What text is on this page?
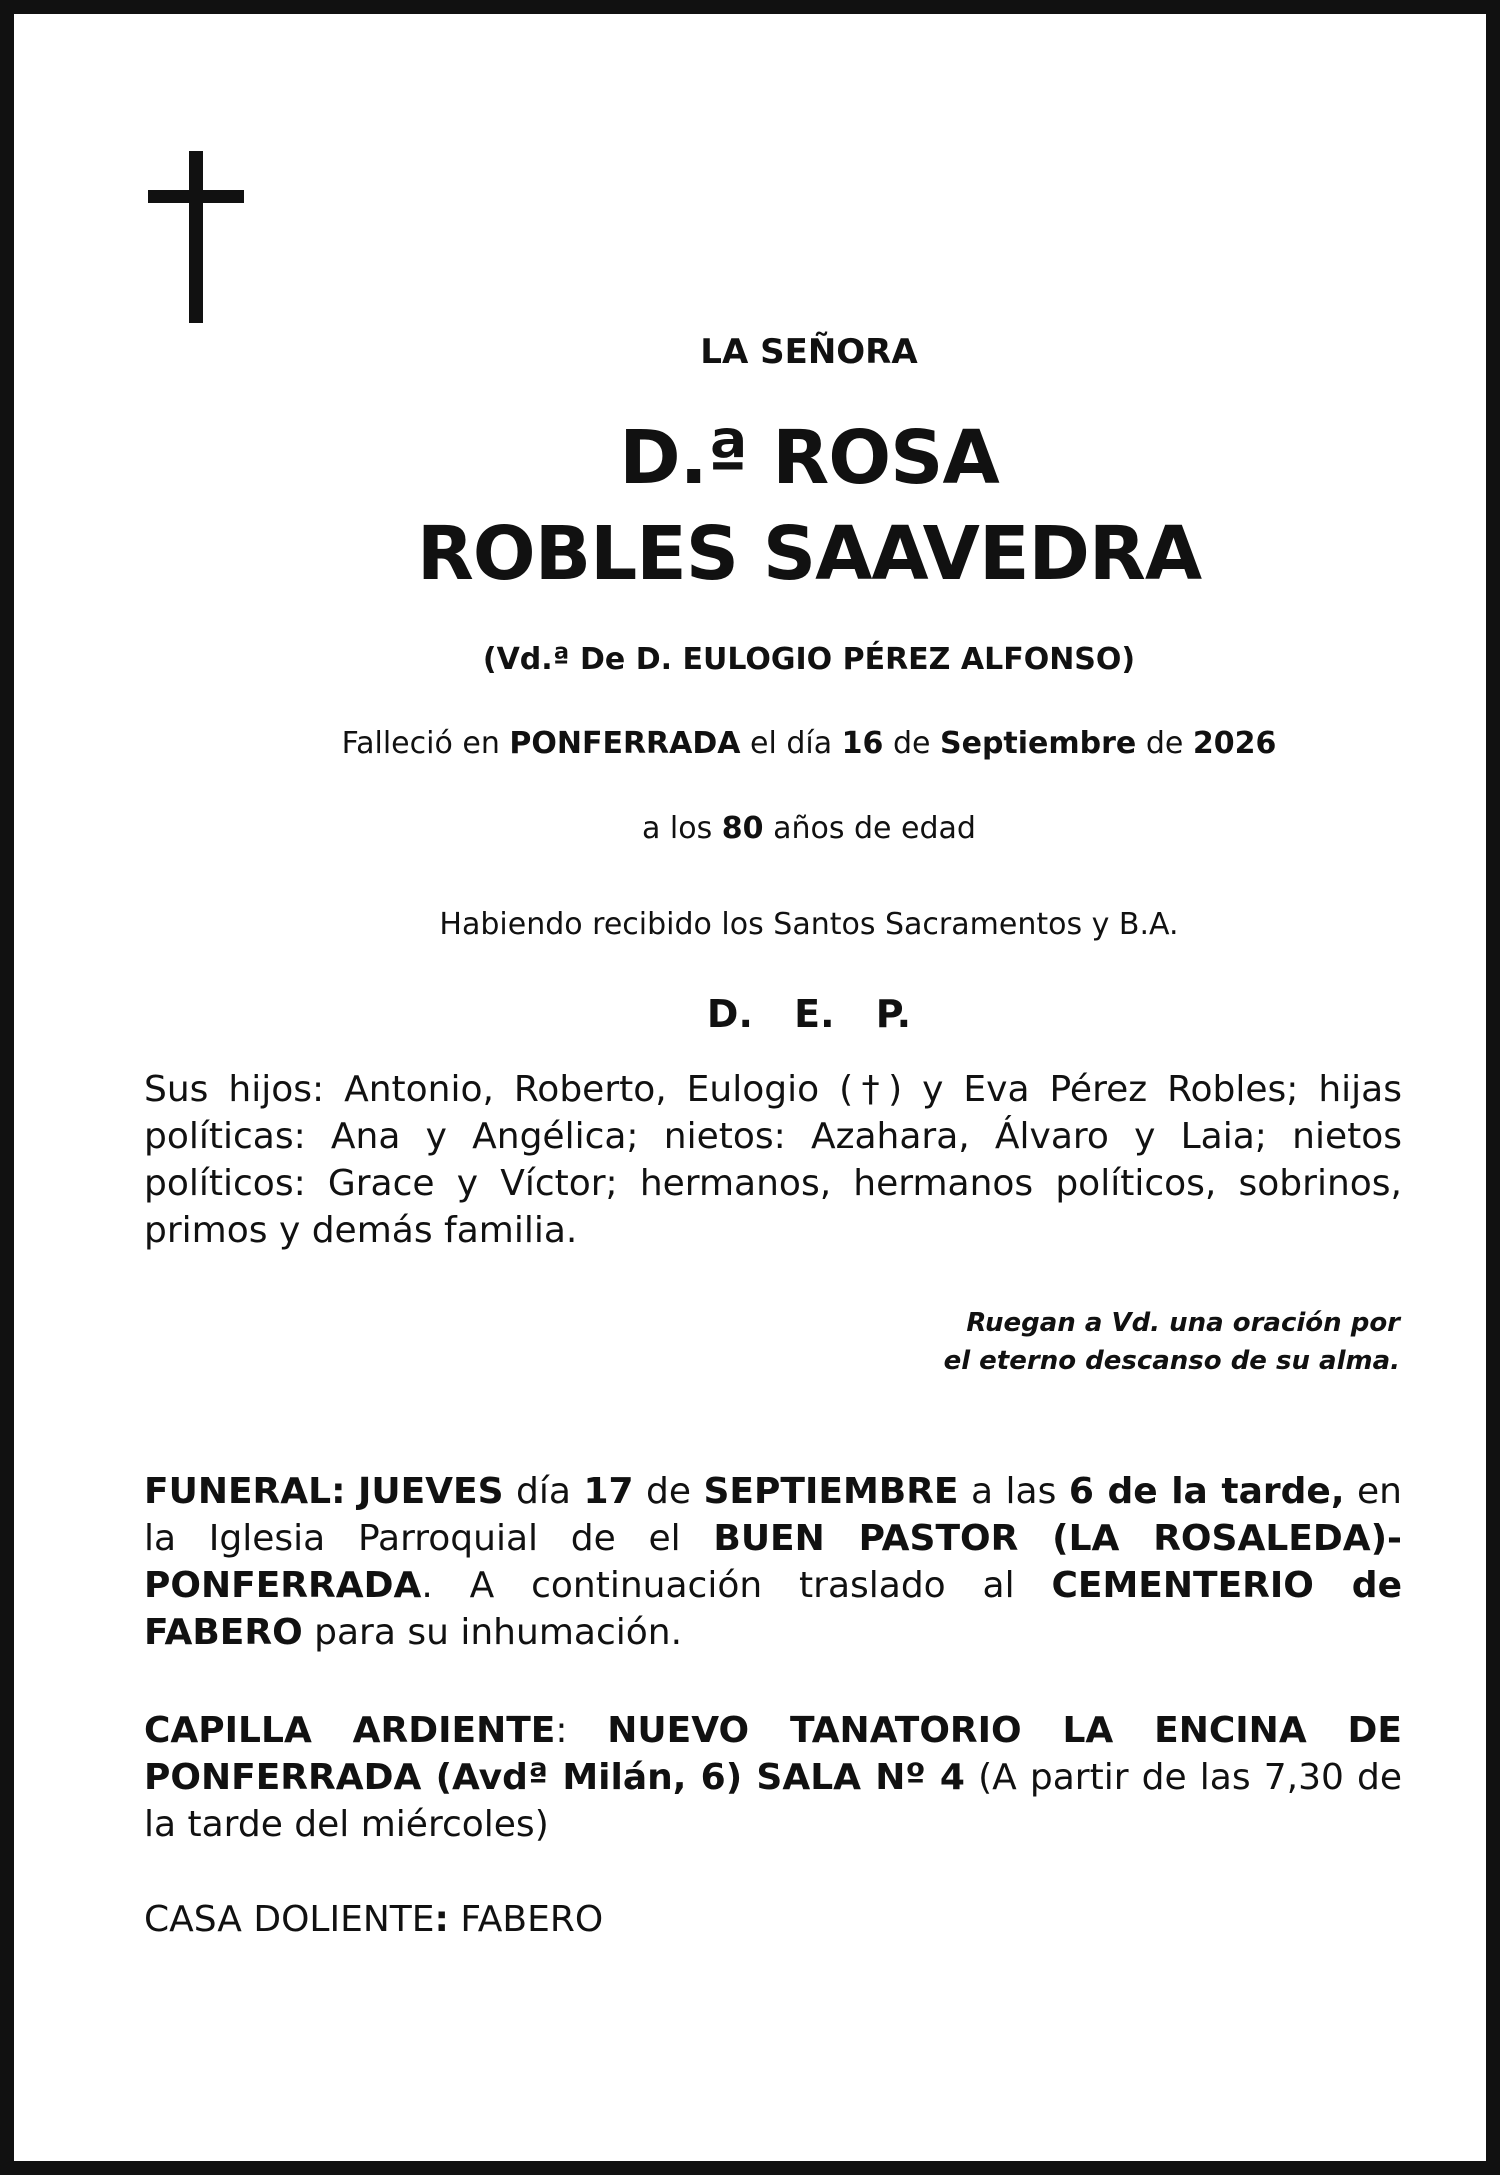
LA SEÑORA
D.ª ROSA
ROBLES SAAVEDRA
(Vd.ª De D. EULOGIO PÉREZ ALFONSO)
Falleció en PONFERRADA el día 16 de Septiembre de 2026
a los 80 años de edad
Habiendo recibido los Santos Sacramentos y B.A.
D. E. P.
Sus hijos: Antonio, Roberto, Eulogio (†) y Eva Pérez Robles; hijas políticas: Ana y Angélica; nietos: Azahara, Álvaro y Laia; nietos políticos: Grace y Víctor; hermanos, hermanos políticos, sobrinos, primos y demás familia.
Ruegan a Vd. una oración por
el eterno descanso de su alma.
FUNERAL: JUEVES día 17 de SEPTIEMBRE a las 6 de la tarde, en la Iglesia Parroquial de el BUEN PASTOR (LA ROSALEDA)-PONFERRADA. A continuación traslado al CEMENTERIO de FABERO para su inhumación.
CAPILLA ARDIENTE: NUEVO TANATORIO LA ENCINA DE PONFERRADA (Avdª Milán, 6) SALA Nº 4 (A partir de las 7,30 de la tarde del miércoles)
CASA DOLIENTE: FABERO
